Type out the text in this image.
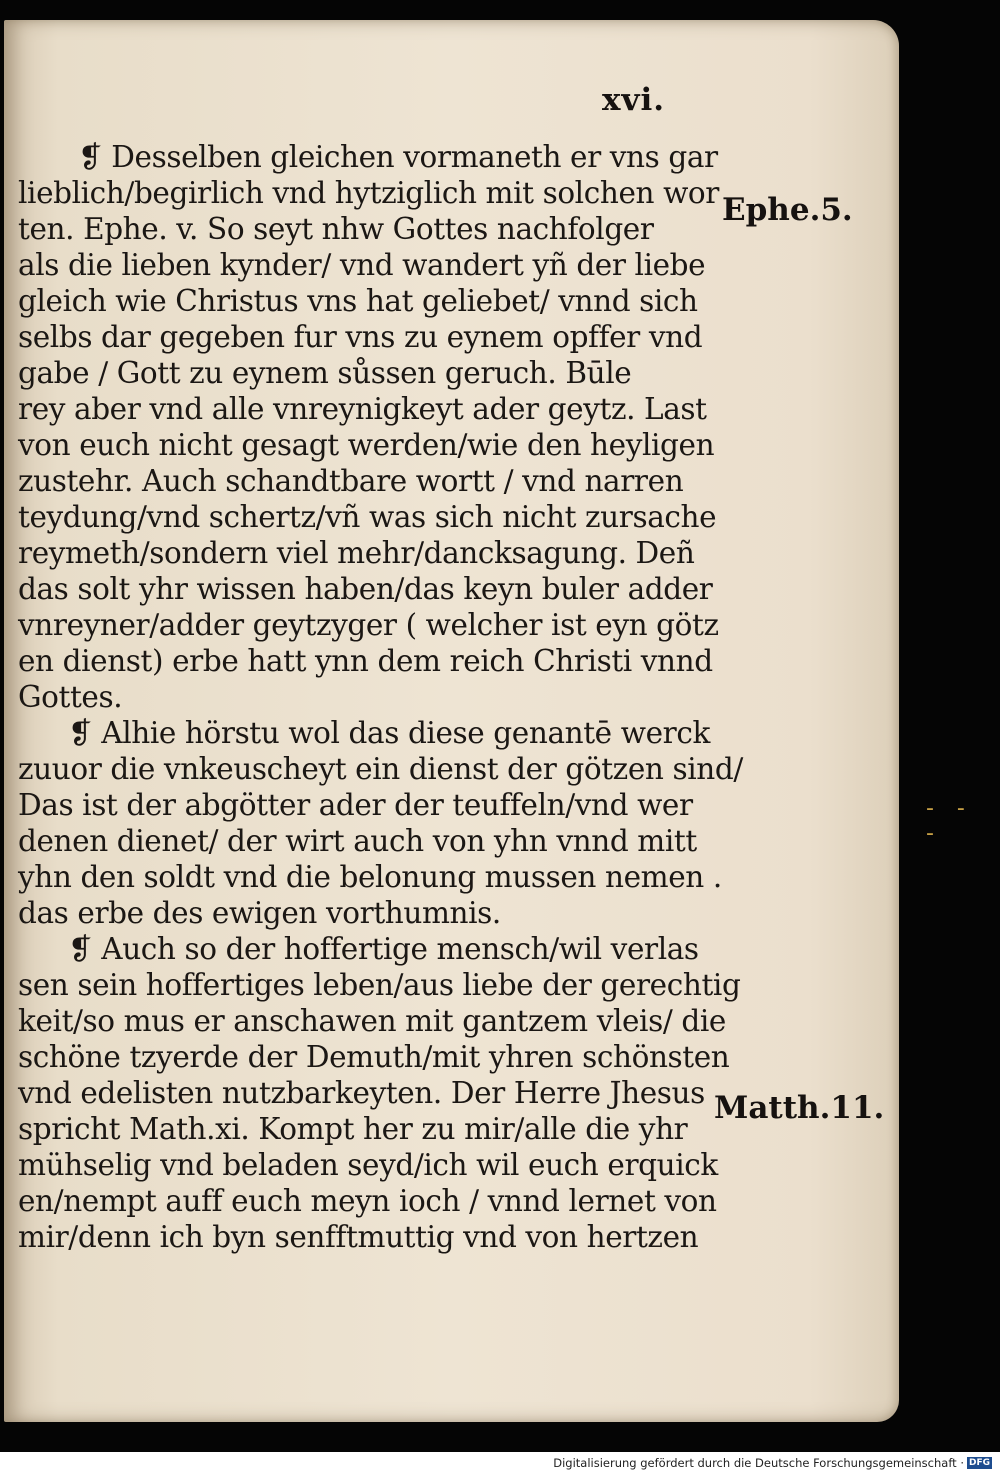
xvi.
❡ Desselben gleichen vormaneth er vns gar
lieblich/begirlich vnd hytziglich mit solchen wor
ten. Ephe. v. So seyt nhw Gottes nachfolger
als die lieben kynder/ vnd wandert yñ der liebe
gleich wie Christus vns hat geliebet/ vnnd sich
selbs dar gegeben fur vns zu eynem opffer vnd
gabe / Gott zu eynem sůssen geruch. Būle
rey aber vnd alle vnreynigkeyt ader geytz. Last
von euch nicht gesagt werden/wie den heyligen
zustehr. Auch schandtbare wortt / vnd narren
teydung/vnd schertz/vñ was sich nicht zursache
reymeth/sondern viel mehr/dancksagung. Deñ
das solt yhr wissen haben/das keyn buler adder
vnreyner/adder geytzyger ( welcher ist eyn götz
en dienst) erbe hatt ynn dem reich Christi vnnd
Gottes.
❡ Alhie hörstu wol das diese genantē werck
zuuor die vnkeuscheyt ein dienst der götzen sind/
Das ist der abgötter ader der teuffeln/vnd wer
denen dienet/ der wirt auch von yhn vnnd mitt
yhn den soldt vnd die belonung mussen nemen .
das erbe des ewigen vorthumnis.
❡ Auch so der hoffertige mensch/wil verlas
sen sein hoffertiges leben/aus liebe der gerechtig
keit/so mus er anschawen mit gantzem vleis/ die
schöne tzyerde der Demuth/mit yhren schönsten
vnd edelisten nutzbarkeyten. Der Herre Jhesus
spricht Math.xi. Kompt her zu mir/alle die yhr
mühselig vnd beladen seyd/ich wil euch erquick
en/nempt auff euch meyn ioch / vnnd lernet von
mir/denn ich byn senfftmuttig vnd von hertzen
Ephe.5.
Matth.11.
‐ ‐ ‐
Digitalisierung gefördert durch die Deutsche Forschungsgemeinschaft · DFG
